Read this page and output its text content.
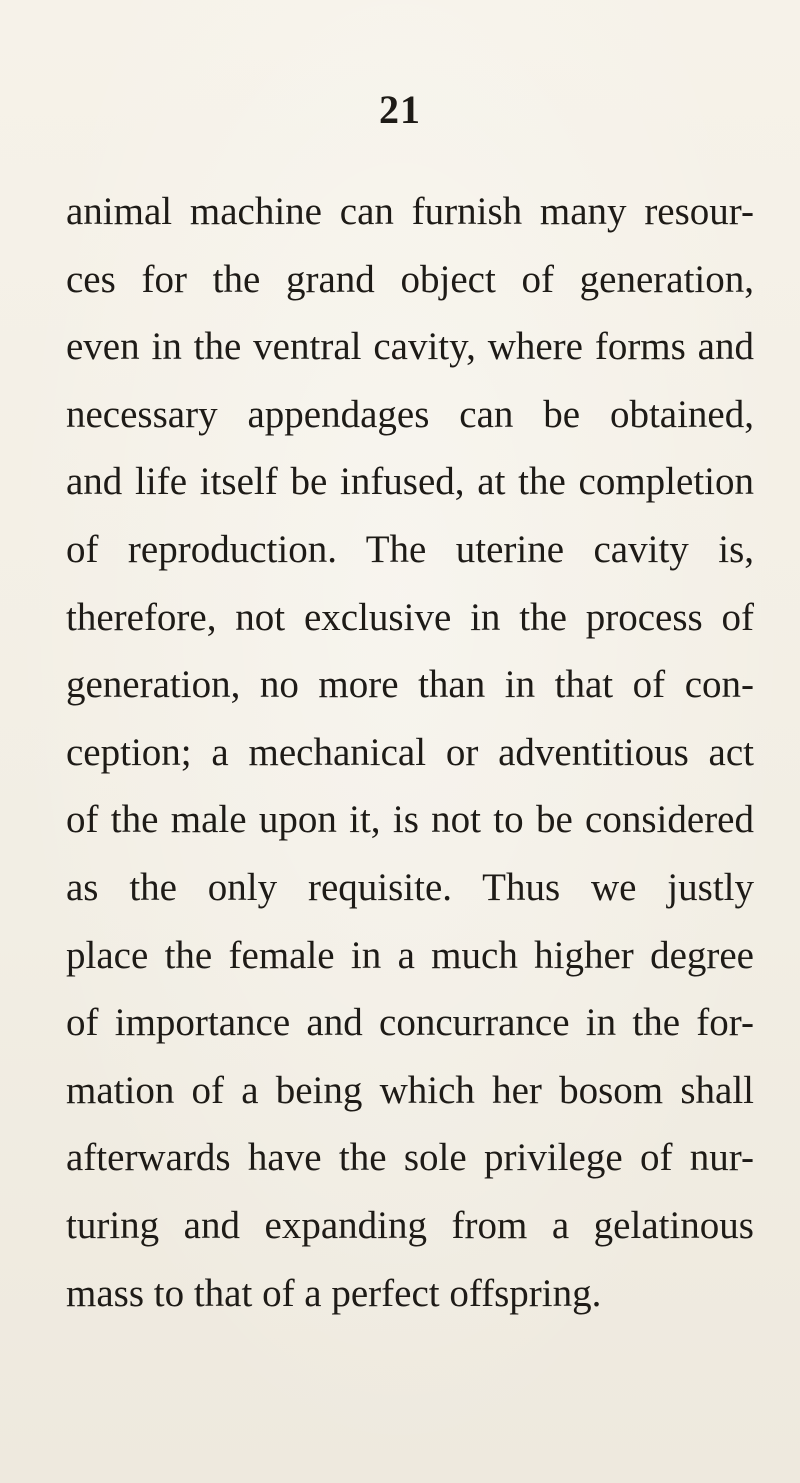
21
animal machine can furnish many resour-
ces for the grand object of generation,
even in the ventral cavity, where forms and
necessary appendages can be obtained,
and life itself be infused, at the completion
of reproduction. The uterine cavity is,
therefore, not exclusive in the process of
generation, no more than in that of con-
ception; a mechanical or adventitious act
of the male upon it, is not to be considered
as the only requisite. Thus we justly
place the female in a much higher degree
of importance and concurrance in the for-
mation of a being which her bosom shall
afterwards have the sole privilege of nur-
turing and expanding from a gelatinous
mass to that of a perfect offspring.
